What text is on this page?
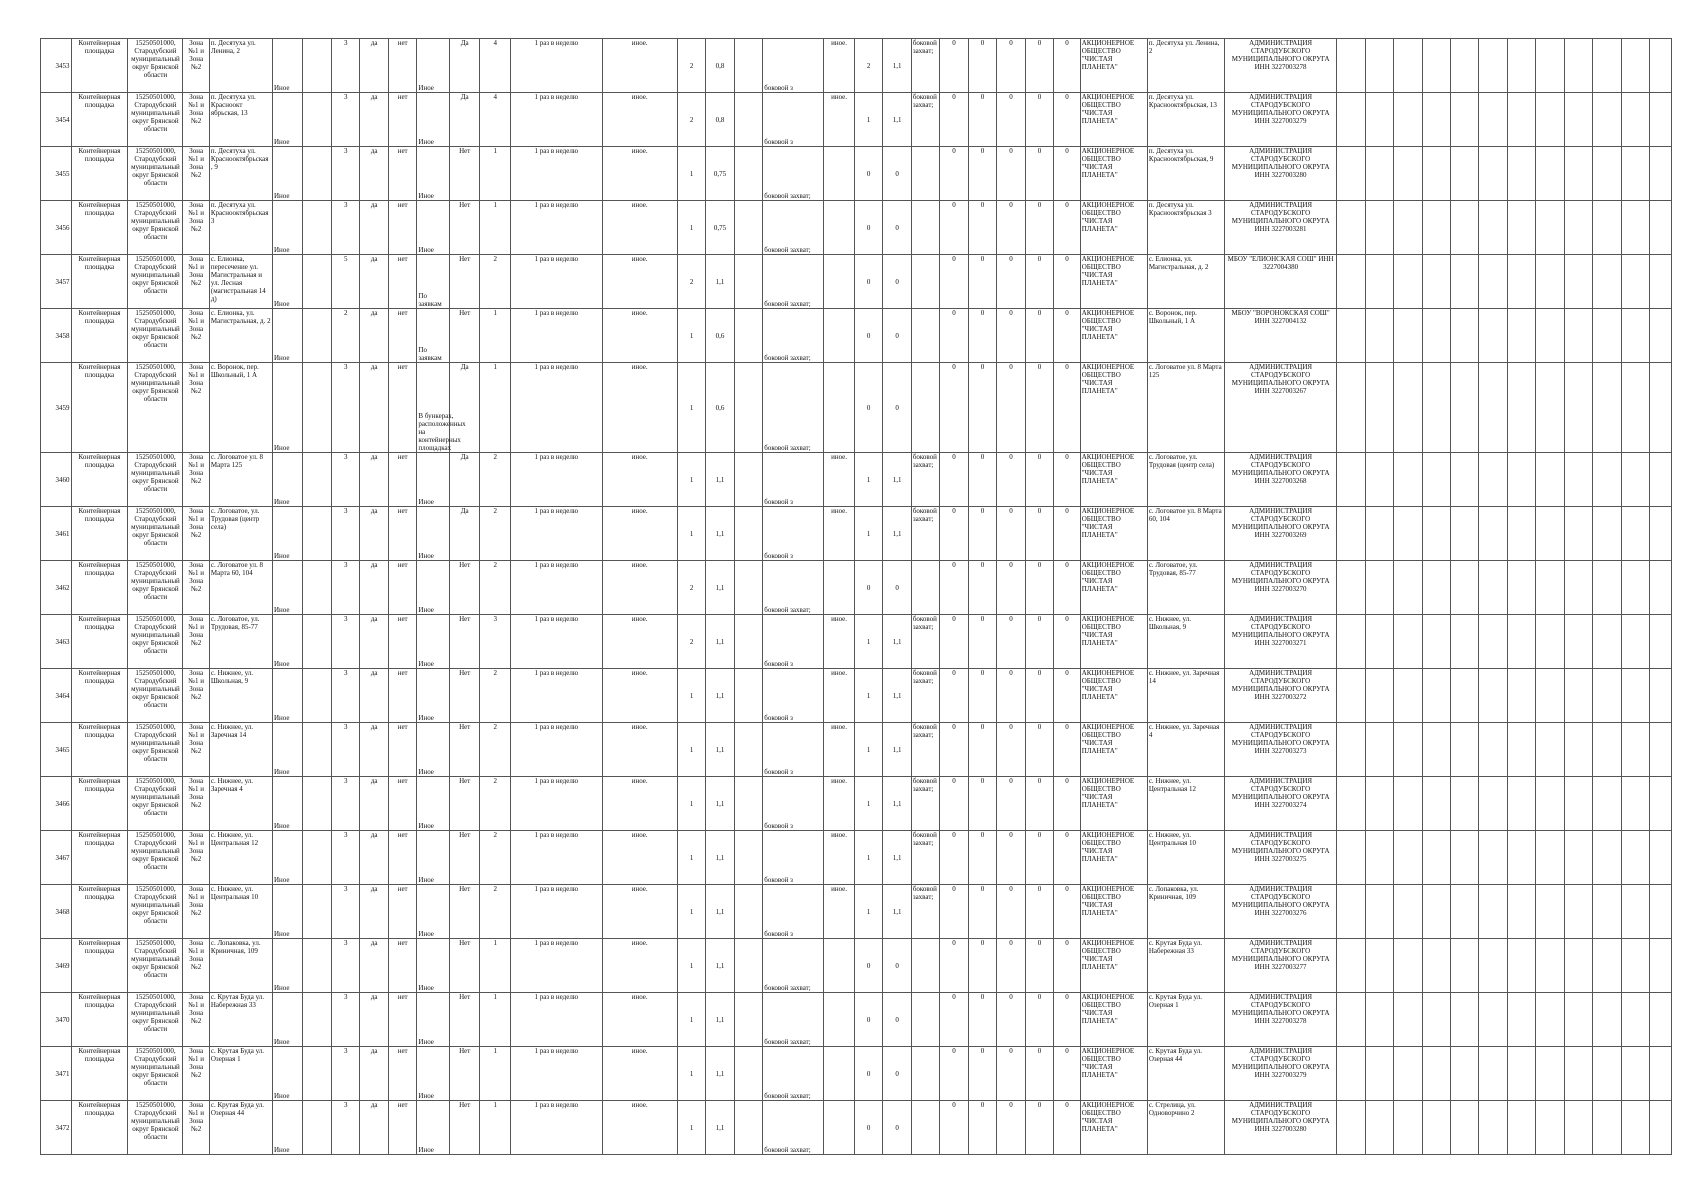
3453	Контейнерная площадка	15250501000, Стародубский муниципальный округ Брянской области	Зона №1 и Зона №2	п. Десятуха ул. Ленина, 2	Иное		3	да	нет	Иное	Да	4	1 раз в неделю	иное.	2	0,8		боковой з	иное.	2	1,1	боковой захват;	0	0	0	0	0	АКЦИОНЕРНОЕ ОБЩЕСТВО "ЧИСТАЯ ПЛАНЕТА"	п. Десятуха ул. Ленина, 2	АДМИНИСТРАЦИЯ СТАРОДУБСКОГО МУНИЦИПАЛЬНОГО ОКРУГА ИНН 3227003278												
3454	Контейнерная площадка	15250501000, Стародубский муниципальный округ Брянской области	Зона №1 и Зона №2	п. Десятуха ул. Красноокт ябрьская, 13	Иное		3	да	нет	Иное	Да	4	1 раз в неделю	иное.	2	0,8		боковой з	иное.	1	1,1	боковой захват;	0	0	0	0	0	АКЦИОНЕРНОЕ ОБЩЕСТВО "ЧИСТАЯ ПЛАНЕТА"	п. Десятуха ул. Краснооктябрьская, 13	АДМИНИСТРАЦИЯ СТАРОДУБСКОГО МУНИЦИПАЛЬНОГО ОКРУГА ИНН 3227003279												
3455	Контейнерная площадка	15250501000, Стародубский муниципальный округ Брянской области	Зона №1 и Зона №2	п. Десятуха ул. Краснооктябрьская , 9	Иное		3	да	нет	Иное	Нет	1	1 раз в неделю	иное.	1	0,75		боковой захват;		0	0		0	0	0	0	0	АКЦИОНЕРНОЕ ОБЩЕСТВО "ЧИСТАЯ ПЛАНЕТА"	п. Десятуха ул. Краснооктябрьская, 9	АДМИНИСТРАЦИЯ СТАРОДУБСКОГО МУНИЦИПАЛЬНОГО ОКРУГА ИНН 3227003280												
3456	Контейнерная площадка	15250501000, Стародубский муниципальный округ Брянской области	Зона №1 и Зона №2	п. Десятуха ул. Краснооктябрьская 3	Иное		3	да	нет	Иное	Нет	1	1 раз в неделю	иное.	1	0,75		боковой захват;		0	0		0	0	0	0	0	АКЦИОНЕРНОЕ ОБЩЕСТВО "ЧИСТАЯ ПЛАНЕТА"	п. Десятуха ул. Краснооктябрьская 3	АДМИНИСТРАЦИЯ СТАРОДУБСКОГО МУНИЦИПАЛЬНОГО ОКРУГА ИНН 3227003281												
3457	Контейнерная площадка	15250501000, Стародубский муниципальный округ Брянской области	Зона №1 и Зона №2	с. Елионка, пересечение ул. Магистральная и ул. Лесная (магистральная 14 д)	Иное		5	да	нет	По заявкам	Нет	2	1 раз в неделю	иное.	2	1,1		боковой захват;		0	0		0	0	0	0	0	АКЦИОНЕРНОЕ ОБЩЕСТВО "ЧИСТАЯ ПЛАНЕТА"	с. Елионка, ул. Магистральная, д. 2	МБОУ "ЕЛИОНСКАЯ СОШ" ИНН 3227004380												
3458	Контейнерная площадка	15250501000, Стародубский муниципальный округ Брянской области	Зона №1 и Зона №2	с. Елионка, ул. Магистральная, д. 2	Иное		2	да	нет	По заявкам	Нет	1	1 раз в неделю	иное.	1	0,6		боковой захват;		0	0		0	0	0	0	0	АКЦИОНЕРНОЕ ОБЩЕСТВО "ЧИСТАЯ ПЛАНЕТА"	с. Воронок, пер. Школьный, 1 А	МБОУ "ВОРОНОКСКАЯ СОШ" ИНН 3227004132												
3459	Контейнерная площадка	15250501000, Стародубский муниципальный округ Брянской области	Зона №1 и Зона №2	с. Воронок, пер. Школьный, 1 А	Иное		3	да	нет	В бункерах, расположенных на контейнерных площадках	Да	1	1 раз в неделю	иное.	1	0,6		боковой захват;		0	0		0	0	0	0	0	АКЦИОНЕРНОЕ ОБЩЕСТВО "ЧИСТАЯ ПЛАНЕТА"	с. Логоватое ул. 8 Марта 125	АДМИНИСТРАЦИЯ СТАРОДУБСКОГО МУНИЦИПАЛЬНОГО ОКРУГА ИНН 3227003267												
3460	Контейнерная площадка	15250501000, Стародубский муниципальный округ Брянской области	Зона №1 и Зона №2	с. Логоватое ул. 8 Марта 125	Иное		3	да	нет	Иное	Да	2	1 раз в неделю	иное.	1	1,1		боковой з	иное.	1	1,1	боковой захват;	0	0	0	0	0	АКЦИОНЕРНОЕ ОБЩЕСТВО "ЧИСТАЯ ПЛАНЕТА"	с. Логоватое, ул. Трудовая (центр села)	АДМИНИСТРАЦИЯ СТАРОДУБСКОГО МУНИЦИПАЛЬНОГО ОКРУГА ИНН 3227003268												
3461	Контейнерная площадка	15250501000, Стародубский муниципальный округ Брянской области	Зона №1 и Зона №2	с. Логоватое, ул. Трудовая (центр села)	Иное		3	да	нет	Иное	Да	2	1 раз в неделю	иное.	1	1,1		боковой з	иное.	1	1,1	боковой захват;	0	0	0	0	0	АКЦИОНЕРНОЕ ОБЩЕСТВО "ЧИСТАЯ ПЛАНЕТА"	с. Логоватое ул. 8 Марта 60, 104	АДМИНИСТРАЦИЯ СТАРОДУБСКОГО МУНИЦИПАЛЬНОГО ОКРУГА ИНН 3227003269												
3462	Контейнерная площадка	15250501000, Стародубский муниципальный округ Брянской области	Зона №1 и Зона №2	с. Логоватое ул. 8 Марта 60, 104	Иное		3	да	нет	Иное	Нет	2	1 раз в неделю	иное.	2	1,1		боковой захват;		0	0		0	0	0	0	0	АКЦИОНЕРНОЕ ОБЩЕСТВО "ЧИСТАЯ ПЛАНЕТА"	с. Логоватое, ул. Трудовая, 85-77	АДМИНИСТРАЦИЯ СТАРОДУБСКОГО МУНИЦИПАЛЬНОГО ОКРУГА ИНН 3227003270												
3463	Контейнерная площадка	15250501000, Стародубский муниципальный округ Брянской области	Зона №1 и Зона №2	с. Логоватое, ул. Трудовая, 85-77	Иное		3	да	нет	Иное	Нет	3	1 раз в неделю	иное.	2	1,1		боковой з	иное.	1	1,1	боковой захват;	0	0	0	0	0	АКЦИОНЕРНОЕ ОБЩЕСТВО "ЧИСТАЯ ПЛАНЕТА"	с. Нижнее, ул. Школьная, 9	АДМИНИСТРАЦИЯ СТАРОДУБСКОГО МУНИЦИПАЛЬНОГО ОКРУГА ИНН 3227003271												
3464	Контейнерная площадка	15250501000, Стародубский муниципальный округ Брянской области	Зона №1 и Зона №2	с. Нижнее, ул. Школьная, 9	Иное		3	да	нет	Иное	Нет	2	1 раз в неделю	иное.	1	1,1		боковой з	иное.	1	1,1	боковой захват;	0	0	0	0	0	АКЦИОНЕРНОЕ ОБЩЕСТВО "ЧИСТАЯ ПЛАНЕТА"	с. Нижнее, ул. Заречная 14	АДМИНИСТРАЦИЯ СТАРОДУБСКОГО МУНИЦИПАЛЬНОГО ОКРУГА ИНН 3227003272												
3465	Контейнерная площадка	15250501000, Стародубский муниципальный округ Брянской области	Зона №1 и Зона №2	с. Нижнее, ул. Заречная 14	Иное		3	да	нет	Иное	Нет	2	1 раз в неделю	иное.	1	1,1		боковой з	иное.	1	1,1	боковой захват;	0	0	0	0	0	АКЦИОНЕРНОЕ ОБЩЕСТВО "ЧИСТАЯ ПЛАНЕТА"	с. Нижнее, ул. Заречная 4	АДМИНИСТРАЦИЯ СТАРОДУБСКОГО МУНИЦИПАЛЬНОГО ОКРУГА ИНН 3227003273												
3466	Контейнерная площадка	15250501000, Стародубский муниципальный округ Брянской области	Зона №1 и Зона №2	с. Нижнее, ул. Заречная 4	Иное		3	да	нет	Иное	Нет	2	1 раз в неделю	иное.	1	1,1		боковой з	иное.	1	1,1	боковой захват;	0	0	0	0	0	АКЦИОНЕРНОЕ ОБЩЕСТВО "ЧИСТАЯ ПЛАНЕТА"	с. Нижнее, ул. Центральная 12	АДМИНИСТРАЦИЯ СТАРОДУБСКОГО МУНИЦИПАЛЬНОГО ОКРУГА ИНН 3227003274												
3467	Контейнерная площадка	15250501000, Стародубский муниципальный округ Брянской области	Зона №1 и Зона №2	с. Нижнее, ул. Центральная 12	Иное		3	да	нет	Иное	Нет	2	1 раз в неделю	иное.	1	1,1		боковой з	иное.	1	1,1	боковой захват;	0	0	0	0	0	АКЦИОНЕРНОЕ ОБЩЕСТВО "ЧИСТАЯ ПЛАНЕТА"	с. Нижнее, ул. Центральная 10	АДМИНИСТРАЦИЯ СТАРОДУБСКОГО МУНИЦИПАЛЬНОГО ОКРУГА ИНН 3227003275												
3468	Контейнерная площадка	15250501000, Стародубский муниципальный округ Брянской области	Зона №1 и Зона №2	с. Нижнее, ул. Центральная 10	Иное		3	да	нет	Иное	Нет	2	1 раз в неделю	иное.	1	1,1		боковой з	иное.	1	1,1	боковой захват;	0	0	0	0	0	АКЦИОНЕРНОЕ ОБЩЕСТВО "ЧИСТАЯ ПЛАНЕТА"	с. Лопаковка, ул. Криничная, 109	АДМИНИСТРАЦИЯ СТАРОДУБСКОГО МУНИЦИПАЛЬНОГО ОКРУГА ИНН 3227003276												
3469	Контейнерная площадка	15250501000, Стародубский муниципальный округ Брянской области	Зона №1 и Зона №2	с. Лопаковка, ул. Криничная, 109	Иное		3	да	нет	Иное	Нет	1	1 раз в неделю	иное.	1	1,1		боковой захват;		0	0		0	0	0	0	0	АКЦИОНЕРНОЕ ОБЩЕСТВО "ЧИСТАЯ ПЛАНЕТА"	с. Крутая Буда ул. Набережная 33	АДМИНИСТРАЦИЯ СТАРОДУБСКОГО МУНИЦИПАЛЬНОГО ОКРУГА ИНН 3227003277												
3470	Контейнерная площадка	15250501000, Стародубский муниципальный округ Брянской области	Зона №1 и Зона №2	с. Крутая Буда ул. Набережная 33	Иное		3	да	нет	Иное	Нет	1	1 раз в неделю	иное.	1	1,1		боковой захват;		0	0		0	0	0	0	0	АКЦИОНЕРНОЕ ОБЩЕСТВО "ЧИСТАЯ ПЛАНЕТА"	с. Крутая Буда ул. Озерная 1	АДМИНИСТРАЦИЯ СТАРОДУБСКОГО МУНИЦИПАЛЬНОГО ОКРУГА ИНН 3227003278												
3471	Контейнерная площадка	15250501000, Стародубский муниципальный округ Брянской области	Зона №1 и Зона №2	с. Крутая Буда ул. Озерная 1	Иное		3	да	нет	Иное	Нет	1	1 раз в неделю	иное.	1	1,1		боковой захват;		0	0		0	0	0	0	0	АКЦИОНЕРНОЕ ОБЩЕСТВО "ЧИСТАЯ ПЛАНЕТА"	с. Крутая Буда ул. Озерная 44	АДМИНИСТРАЦИЯ СТАРОДУБСКОГО МУНИЦИПАЛЬНОГО ОКРУГА ИНН 3227003279												
3472	Контейнерная площадка	15250501000, Стародубский муниципальный округ Брянской области	Зона №1 и Зона №2	с. Крутая Буда ул. Озерная 44	Иное		3	да	нет	Иное	Нет	1	1 раз в неделю	иное.	1	1,1		боковой захват;		0	0		0	0	0	0	0	АКЦИОНЕРНОЕ ОБЩЕСТВО "ЧИСТАЯ ПЛАНЕТА"	с. Стрелица, ул. Одноворчино 2	АДМИНИСТРАЦИЯ СТАРОДУБСКОГО МУНИЦИПАЛЬНОГО ОКРУГА ИНН 3227003280												
